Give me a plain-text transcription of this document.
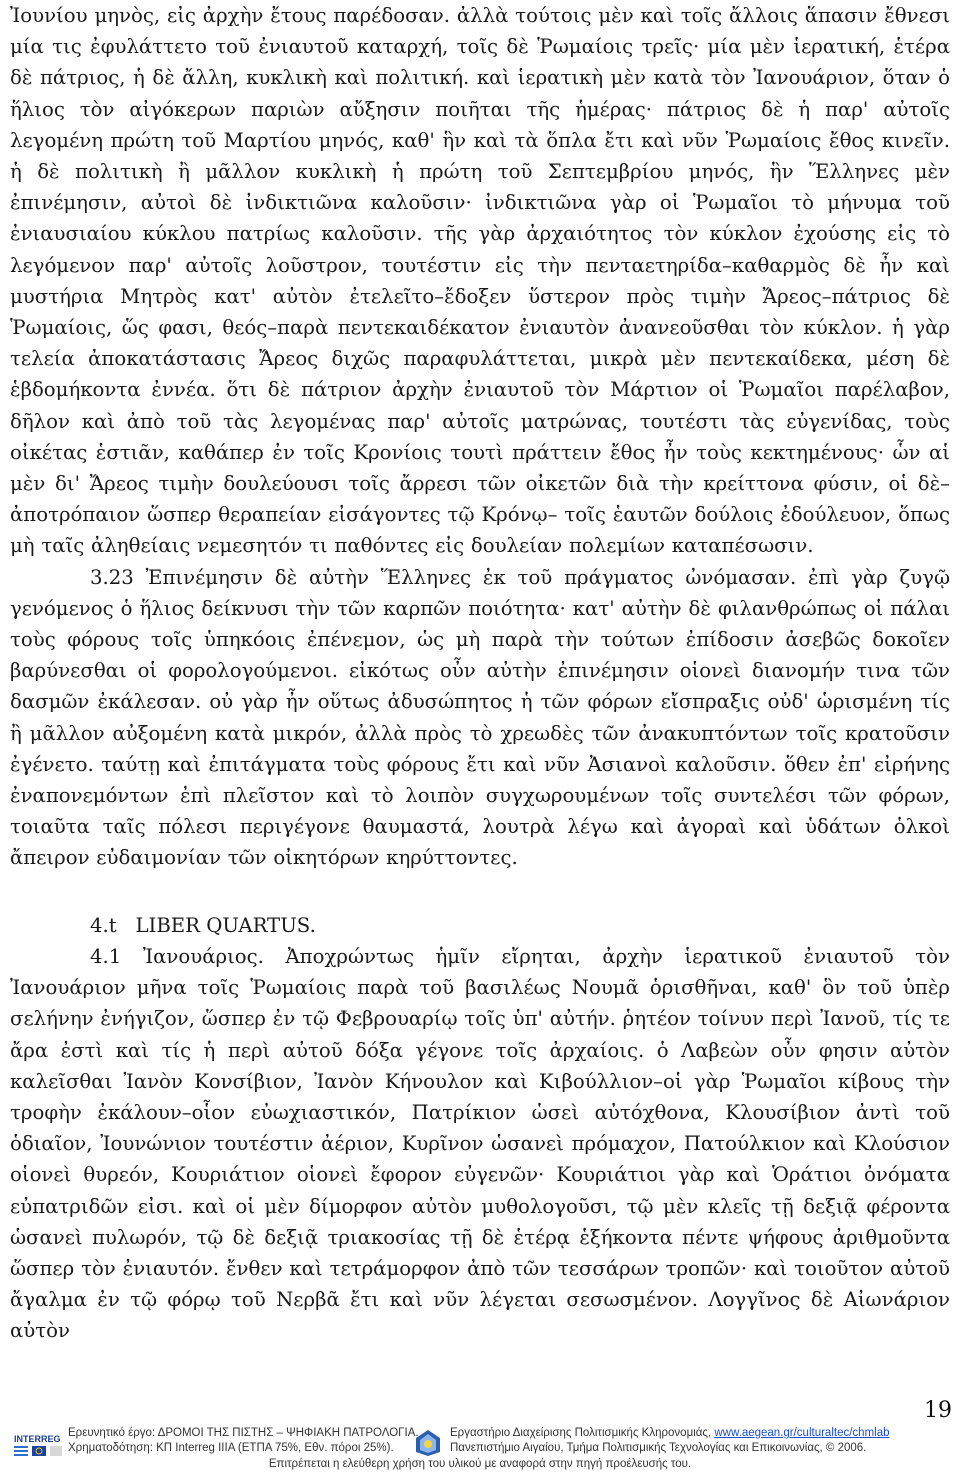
Ἰουνίου μηνὸς, εἰς ἀρχὴν ἔτους παρέδοσαν. ἀλλὰ τούτοις μὲν καὶ τοῖς ἄλλοις ἅπασιν ἔθνεσι μία τις ἐφυλάττετο τοῦ ἐνιαυτοῦ καταρχή, τοῖς δὲ Ῥωμαίοις τρεῖς· μία μὲν ἱερατική, ἑτέρα δὲ πάτριος, ἡ δὲ ἄλλη, κυκλικὴ καὶ πολιτική. καὶ ἱερατικὴ μὲν κατὰ τὸν Ἰανουάριον, ὅταν ὁ ἥλιος τὸν αἰγόκερων παριὼν αὔξησιν ποιῆται τῆς ἡμέρας· πάτριος δὲ ἡ παρ' αὐτοῖς λεγομένη πρώτη τοῦ Μαρτίου μηνός, καθ' ἣν καὶ τὰ ὅπλα ἔτι καὶ νῦν Ῥωμαίοις ἔθος κινεῖν. ἡ δὲ πολιτικὴ ἢ μᾶλλον κυκλικὴ ἡ πρώτη τοῦ Σεπτεμβρίου μηνός, ἣν Ἕλληνες μὲν ἐπινέμησιν, αὐτοὶ δὲ ἰνδικτιῶνα καλοῦσιν· ἰνδικτιῶνα γὰρ οἱ Ῥωμαῖοι τὸ μήνυμα τοῦ ἐνιαυσιαίου κύκλου πατρίως καλοῦσιν. τῆς γὰρ ἀρχαιότητος τὸν κύκλον ἐχούσης εἰς τὸ λεγόμενον παρ' αὐτοῖς λοῦστρον, τουτέστιν εἰς τὴν πενταετηρίδα–καθαρμὸς δὲ ἦν καὶ μυστήρια Μητρὸς κατ' αὐτὸν ἐτελεῖτο–ἔδοξεν ὕστερον πρὸς τιμὴν Ἄρεος–πάτριος δὲ Ῥωμαίοις, ὥς φασι, θεός–παρὰ πεντεκαιδέκατον ἐνιαυτὸν ἀνανεοῦσθαι τὸν κύκλον. ἡ γὰρ τελεία ἀποκατάστασις Ἄρεος διχῶς παραφυλάττεται, μικρὰ μὲν πεντεκαίδεκα, μέση δὲ ἑβδομήκοντα ἐννέα. ὅτι δὲ πάτριον ἀρχὴν ἐνιαυτοῦ τὸν Μάρτιον οἱ Ῥωμαῖοι παρέλαβον, δῆλον καὶ ἀπὸ τοῦ τὰς λεγομένας παρ' αὐτοῖς ματρώνας, τουτέστι τὰς εὐγενίδας, τοὺς οἰκέτας ἑστιᾶν, καθάπερ ἐν τοῖς Κρονίοις τουτὶ πράττειν ἔθος ἦν τοὺς κεκτημένους· ὧν αἱ μὲν δι' Ἄρεος τιμὴν δουλεύουσι τοῖς ἄρρεσι τῶν οἰκετῶν διὰ τὴν κρείττονα φύσιν, οἱ δὲ– ἀποτρόπαιον ὥσπερ θεραπείαν εἰσάγοντες τῷ Κρόνῳ– τοῖς ἑαυτῶν δούλοις ἐδούλευον, ὅπως μὴ ταῖς ἀληθείαις νεμεσητόν τι παθόντες εἰς δουλείαν πολεμίων καταπέσωσιν.

3.23 Ἐπινέμησιν δὲ αὐτὴν Ἕλληνες ἐκ τοῦ πράγματος ὠνόμασαν. ἐπὶ γὰρ ζυγῷ γενόμενος ὁ ἥλιος δείκνυσι τὴν τῶν καρπῶν ποιότητα· κατ' αὐτὴν δὲ φιλανθρώπως οἱ πάλαι τοὺς φόρους τοῖς ὑπηκόοις ἐπένεμον, ὡς μὴ παρὰ τὴν τούτων ἐπίδοσιν ἀσεβῶς δοκοῖεν βαρύνεσθαι οἱ φορολογούμενοι. εἰκότως οὖν αὐτὴν ἐπινέμησιν οἱονεὶ διανομήν τινα τῶν δασμῶν ἐκάλεσαν. οὐ γὰρ ἦν οὕτως ἀδυσώπητος ἡ τῶν φόρων εἴσπραξις οὐδ' ὡρισμένη τίς ἢ μᾶλλον αὐξομένη κατὰ μικρόν, ἀλλὰ πρὸς τὸ χρεωδὲς τῶν ἀνακυπτόντων τοῖς κρατοῦσιν ἐγένετο. ταύτῃ καὶ ἐπιτάγματα τοὺς φόρους ἔτι καὶ νῦν Ἀσιανοὶ καλοῦσιν. ὅθεν ἐπ' εἰρήνης ἐναπονεμόντων ἐπὶ πλεῖστον καὶ τὸ λοιπὸν συγχωρουμένων τοῖς συντελέσι τῶν φόρων, τοιαῦτα ταῖς πόλεσι περιγέγονε θαυμαστά, λουτρὰ λέγω καὶ ἀγοραὶ καὶ ὑδάτων ὁλκοὶ ἄπειρον εὐδαιμονίαν τῶν οἰκητόρων κηρύττοντες.

4.t   LIBER QUARTUS.

4.1 Ἰανουάριος. Ἀποχρώντως ἡμῖν εἴρηται, ἀρχὴν ἱερατικοῦ ἐνιαυτοῦ τὸν Ἰανουάριον μῆνα τοῖς Ῥωμαίοις παρὰ τοῦ βασιλέως Νουμᾶ ὁρισθῆναι, καθ' ὃν τοῦ ὑπὲρ σελήνην ἐνήγιζον, ὥσπερ ἐν τῷ Φεβρουαρίῳ τοῖς ὑπ' αὐτήν. ῥητέον τοίνυν περὶ Ἰανοῦ, τίς τε ἄρα ἐστὶ καὶ τίς ἡ περὶ αὐτοῦ δόξα γέγονε τοῖς ἀρχαίοις. ὁ Λαβεὼν οὖν φησιν αὐτὸν καλεῖσθαι Ἰανὸν Κονσίβιον, Ἰανὸν Κήνουλον καὶ Κιβούλλιον–οἱ γὰρ Ῥωμαῖοι κίβους τὴν τροφὴν ἐκάλουν–οἷον εὐωχιαστικόν, Πατρίκιον ὡσεὶ αὐτόχθονα, Κλουσίβιον ἀντὶ τοῦ ὁδιαῖον, Ἰουνώνιον τουτέστιν ἀέριον, Κυρῖνον ὡσανεὶ πρόμαχον, Πατούλκιον καὶ Κλούσιον οἱονεὶ θυρεόν, Κουριάτιον οἱονεὶ ἔφορον εὐγενῶν· Κουριάτιοι γὰρ καὶ Ὁράτιοι ὀνόματα εὐπατριδῶν εἰσι. καὶ οἱ μὲν δίμορφον αὐτὸν μυθολογοῦσι, τῷ μὲν κλεῖς τῇ δεξιᾷ φέροντα ὡσανεὶ πυλωρόν, τῷ δὲ δεξιᾷ τριακοσίας τῇ δὲ ἑτέρᾳ ἑξήκοντα πέντε ψήφους ἀριθμοῦντα ὥσπερ τὸν ἐνιαυτόν. ἔνθεν καὶ τετράμορφον ἀπὸ τῶν τεσσάρων τροπῶν· καὶ τοιοῦτον αὐτοῦ ἄγαλμα ἐν τῷ φόρῳ τοῦ Νερβᾶ ἔτι καὶ νῦν λέγεται σεσωσμένον. Λογγῖνος δὲ Αἰωνάριον αὐτὸν

19
INTERREG Ερευνητικό έργο: ΔΡΟΜΟΙ ΤΗΣ ΠΙΣΤΗΣ – ΨΗΦΙΑΚΗ ΠΑΤΡΟΛΟΓΙΑ.
Χρηματοδότηση: ΚΠ Interreg IIIA (ΕΤΠΑ 75%, Εθν. πόροι 25%).
Εργαστήριο Διαχείρισης Πολιτισμικής Κληρονομιάς, www.aegean.gr/culturaltec/chmlab
Πανεπιστήμιο Αιγαίου, Τμήμα Πολιτισμικής Τεχνολογίας και Επικοινωνίας, © 2006.
Επιτρέπεται η ελεύθερη χρήση του υλικού με αναφορά στην πηγή προέλευσής του.
